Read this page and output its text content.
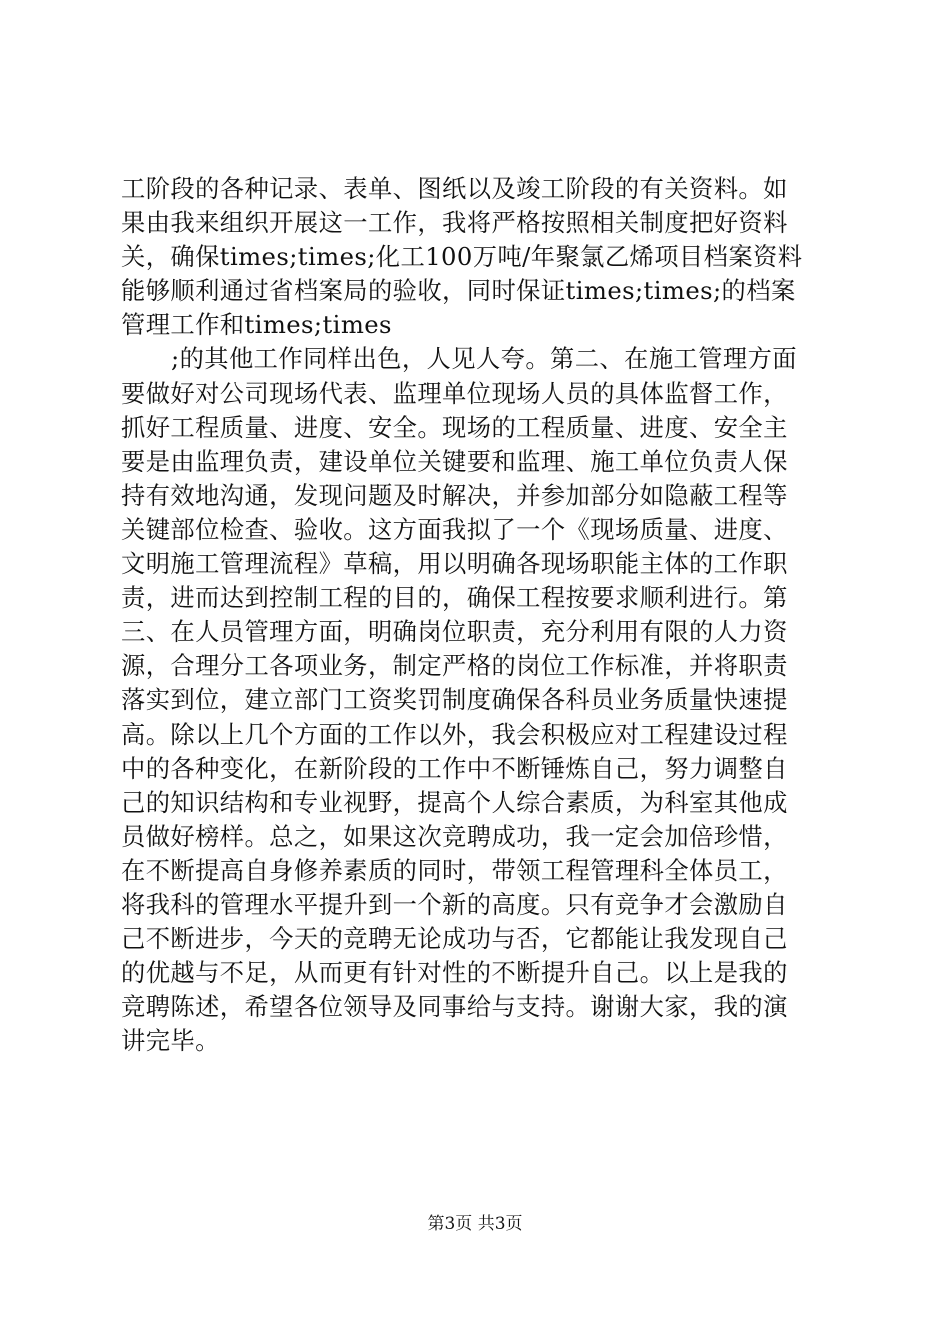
工阶段的各种记录、表单、图纸以及竣工阶段的有关资料。如
果由我来组织开展这一工作，我将严格按照相关制度把好资料
关，确保times;times;化工100万吨/年聚氯乙烯项目档案资料
能够顺利通过省档案局的验收，同时保证times;times;的档案
管理工作和times;times
;的其他工作同样出色，人见人夸。第二、在施工管理方面
要做好对公司现场代表、监理单位现场人员的具体监督工作，
抓好工程质量、进度、安全。现场的工程质量、进度、安全主
要是由监理负责，建设单位关键要和监理、施工单位负责人保
持有效地沟通，发现问题及时解决，并参加部分如隐蔽工程等
关键部位检查、验收。这方面我拟了一个《现场质量、进度、
文明施工管理流程》草稿，用以明确各现场职能主体的工作职
责，进而达到控制工程的目的，确保工程按要求顺利进行。第
三、在人员管理方面，明确岗位职责，充分利用有限的人力资
源，合理分工各项业务，制定严格的岗位工作标准，并将职责
落实到位，建立部门工资奖罚制度确保各科员业务质量快速提
高。除以上几个方面的工作以外，我会积极应对工程建设过程
中的各种变化，在新阶段的工作中不断锤炼自己，努力调整自
己的知识结构和专业视野，提高个人综合素质，为科室其他成
员做好榜样。总之，如果这次竞聘成功，我一定会加倍珍惜，
在不断提高自身修养素质的同时，带领工程管理科全体员工，
将我科的管理水平提升到一个新的高度。只有竞争才会激励自
己不断进步，今天的竞聘无论成功与否，它都能让我发现自己
的优越与不足，从而更有针对性的不断提升自己。以上是我的
竞聘陈述，希望各位领导及同事给与支持。谢谢大家，我的演
讲完毕。
第3页 共3页
